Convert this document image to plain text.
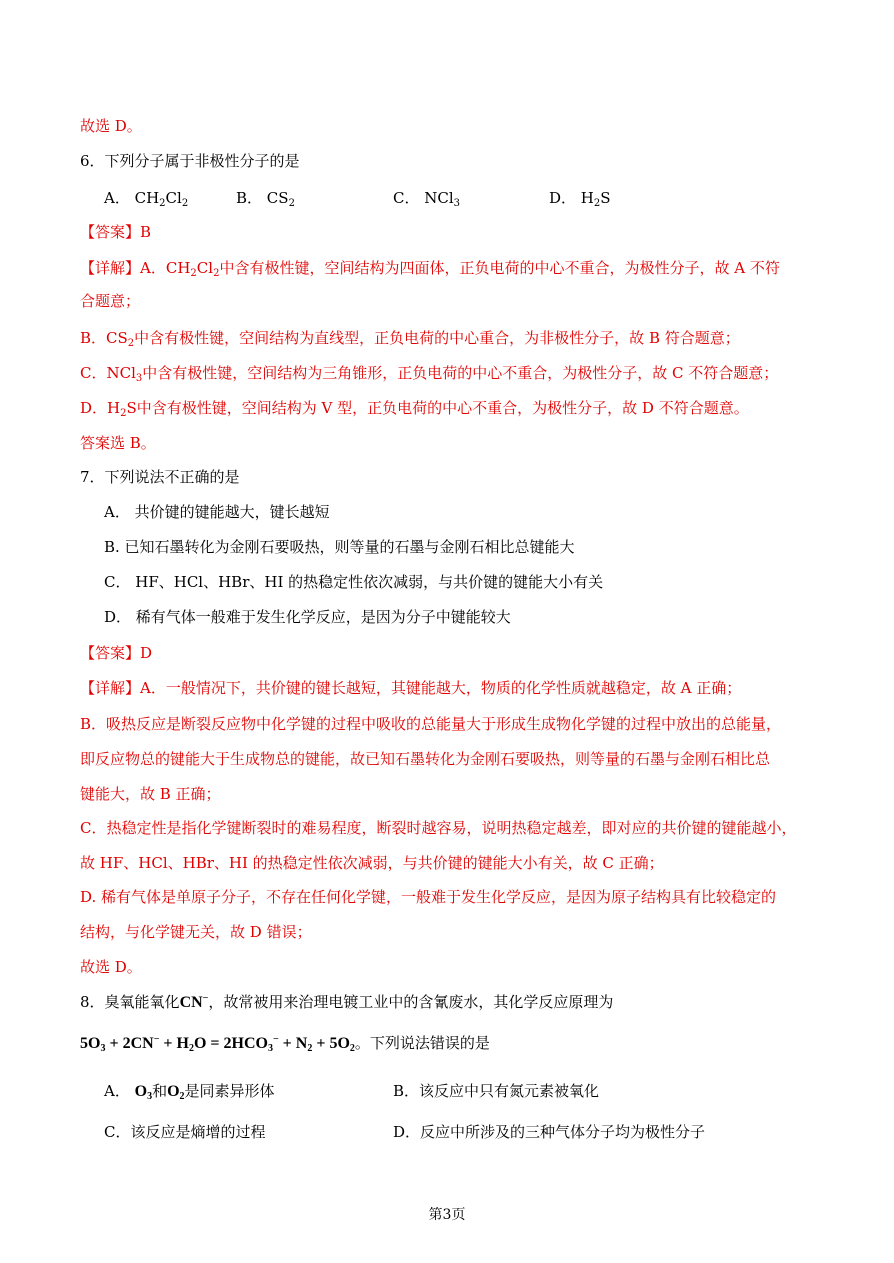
故选 D。
6．下列分子属于非极性分子的是
A． $CH_2Cl_2$	B． $CS_2$	C． NCl$_3$	D． $H_2S$
【答案】B
【详解】A．$CH_2Cl_2$中含有极性键，空间结构为四面体，正负电荷的中心不重合，为极性分子，故 A 不符
合题意；
B．$CS_2$中含有极性键，空间结构为直线型，正负电荷的中心重合，为非极性分子，故 B 符合题意；
C．NCl$_3$中含有极性键，空间结构为三角锥形，正负电荷的中心不重合，为极性分子，故 C 不符合题意；
D．$H_2S$中含有极性键，空间结构为 V 型，正负电荷的中心不重合，为极性分子，故 D 不符合题意。
答案选 B。
7．下列说法不正确的是
A． 共价键的键能越大，键长越短
B. 已知石墨转化为金刚石要吸热，则等量的石墨与金刚石相比总键能大
C． HF、HCl、HBr、HI 的热稳定性依次减弱，与共价键的键能大小有关
D． 稀有气体一般难于发生化学反应，是因为分子中键能较大
【答案】D
【详解】A．一般情况下，共价键的键长越短，其键能越大，物质的化学性质就越稳定，故 A 正确；
B．吸热反应是断裂反应物中化学键的过程中吸收的总能量大于形成生成物化学键的过程中放出的总能量，
即反应物总的键能大于生成物总的键能，故已知石墨转化为金刚石要吸热，则等量的石墨与金刚石相比总
键能大，故 B 正确；
C．热稳定性是指化学键断裂时的难易程度，断裂时越容易，说明热稳定越差，即对应的共价键的键能越小，
故 HF、HCl、HBr、HI 的热稳定性依次减弱，与共价键的键能大小有关，故 C 正确；
D. 稀有气体是单原子分子，不存在任何化学键，一般难于发生化学反应，是因为原子结构具有比较稳定的
结构，与化学键无关，故 D 错误；
故选 D。
8．臭氧能氧化CN−，故常被用来治理电镀工业中的含氰废水，其化学反应原理为
$5O_3 + 2CN^- + H_2O = 2HCO_3^- + N_2 + 5O_2$。下列说法错误的是
A． $O_3$和$O_2$是同素异形体	B．该反应中只有氮元素被氧化
C．该反应是熵增的过程	D．反应中所涉及的三种气体分子均为极性分子
第3页
